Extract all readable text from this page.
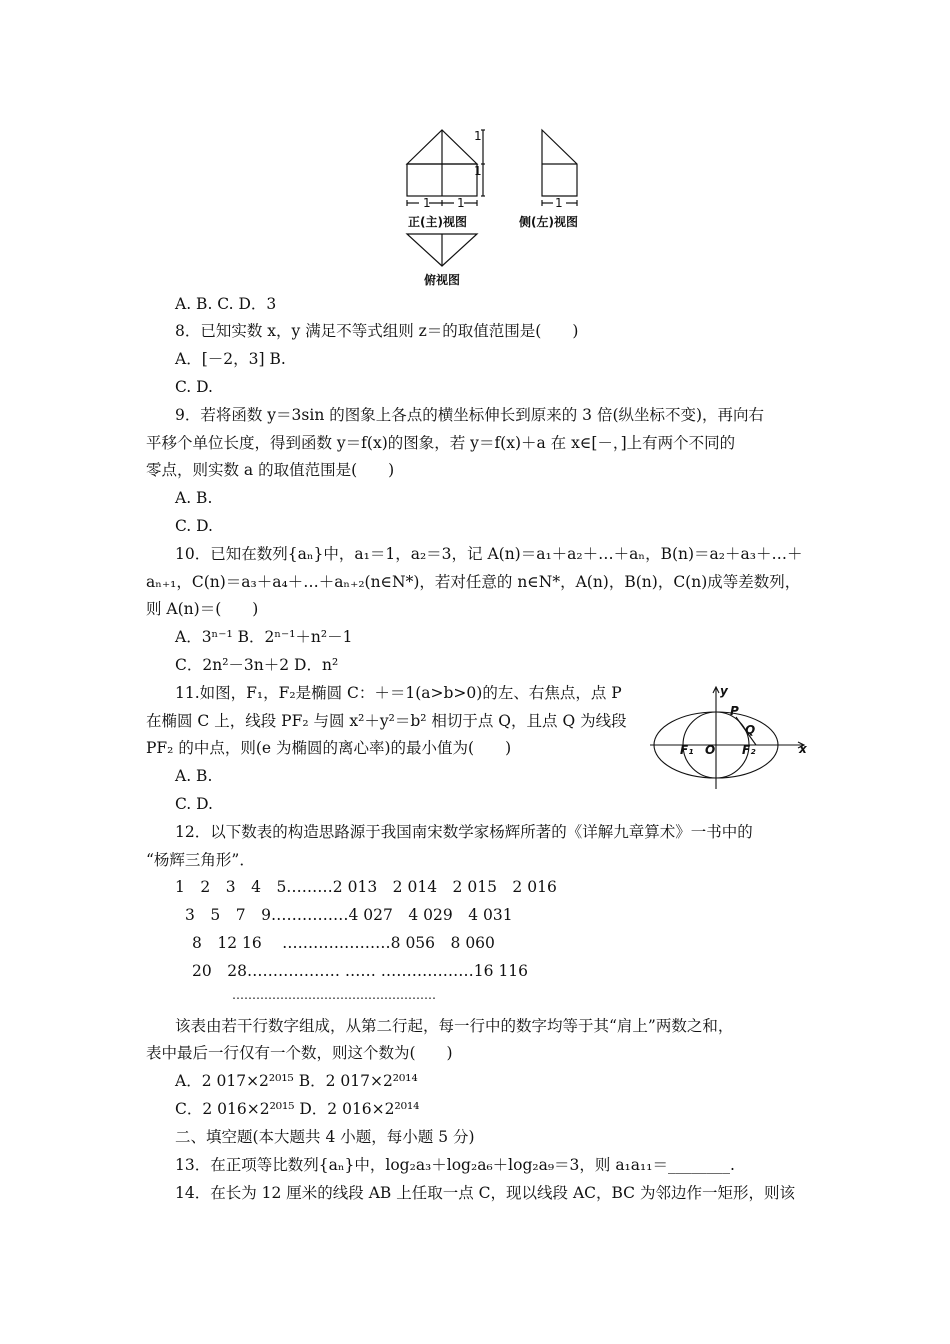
1
1
1 1	1
正(主)视图	侧(左)视图
俯视图
A. B. C. D．3
8．已知实数 x，y 满足不等式组则 z＝的取值范围是(　　)
A．[－2，3] B.
C. D.
9．若将函数 y＝3sin 的图象上各点的横坐标伸长到原来的 3 倍(纵坐标不变)，再向右
平移个单位长度，得到函数 y＝f(x)的图象，若 y＝f(x)＋a 在 x∈[－，]上有两个不同的
零点，则实数 a 的取值范围是(　　)
A. B.
C. D.
10．已知在数列{aₙ}中，a₁＝1，a₂＝3，记 A(n)＝a₁＋a₂＋…＋aₙ，B(n)＝a₂＋a₃＋…＋
aₙ₊₁，C(n)＝a₃＋a₄＋…＋aₙ₊₂(n∈N*)，若对任意的 n∈N*，A(n)，B(n)，C(n)成等差数列，
则 A(n)＝(　　)
A．3ⁿ⁻¹ B．2ⁿ⁻¹＋n²－1
C．2n²－3n＋2 D．n²
11.如图，F₁，F₂是椭圆 C：＋＝1(a>b>0)的左、右焦点，点 P
在椭圆 C 上，线段 PF₂ 与圆 x²＋y²＝b² 相切于点 Q，且点 Q 为线段
PF₂ 的中点，则(e 为椭圆的离心率)的最小值为(　　)
A. B.
C. D.
y
x
P
Q
O
F₁	F₂
12．以下数表的构造思路源于我国南宋数学家杨辉所著的《详解九章算术》一书中的
“杨辉三角形”．
1　2　3　4　5………2 013　2 014　2 015　2 016
3　5　7　9……………4 027　4 029　4 031
8　12 16　 …………………8 056　8 060
20　28……………… …… ………………16 116
……………………………………………
该表由若干行数字组成，从第二行起，每一行中的数字均等于其“肩上”两数之和，
表中最后一行仅有一个数，则这个数为(　　)
A．2 017×2²⁰¹⁵ B．2 017×2²⁰¹⁴
C．2 016×2²⁰¹⁵ D．2 016×2²⁰¹⁴
二、填空题(本大题共 4 小题，每小题 5 分)
13．在正项等比数列{aₙ}中，log₂a₃＋log₂a₆＋log₂a₉＝3，则 a₁a₁₁＝________.
14．在长为 12 厘米的线段 AB 上任取一点 C，现以线段 AC，BC 为邻边作一矩形，则该
